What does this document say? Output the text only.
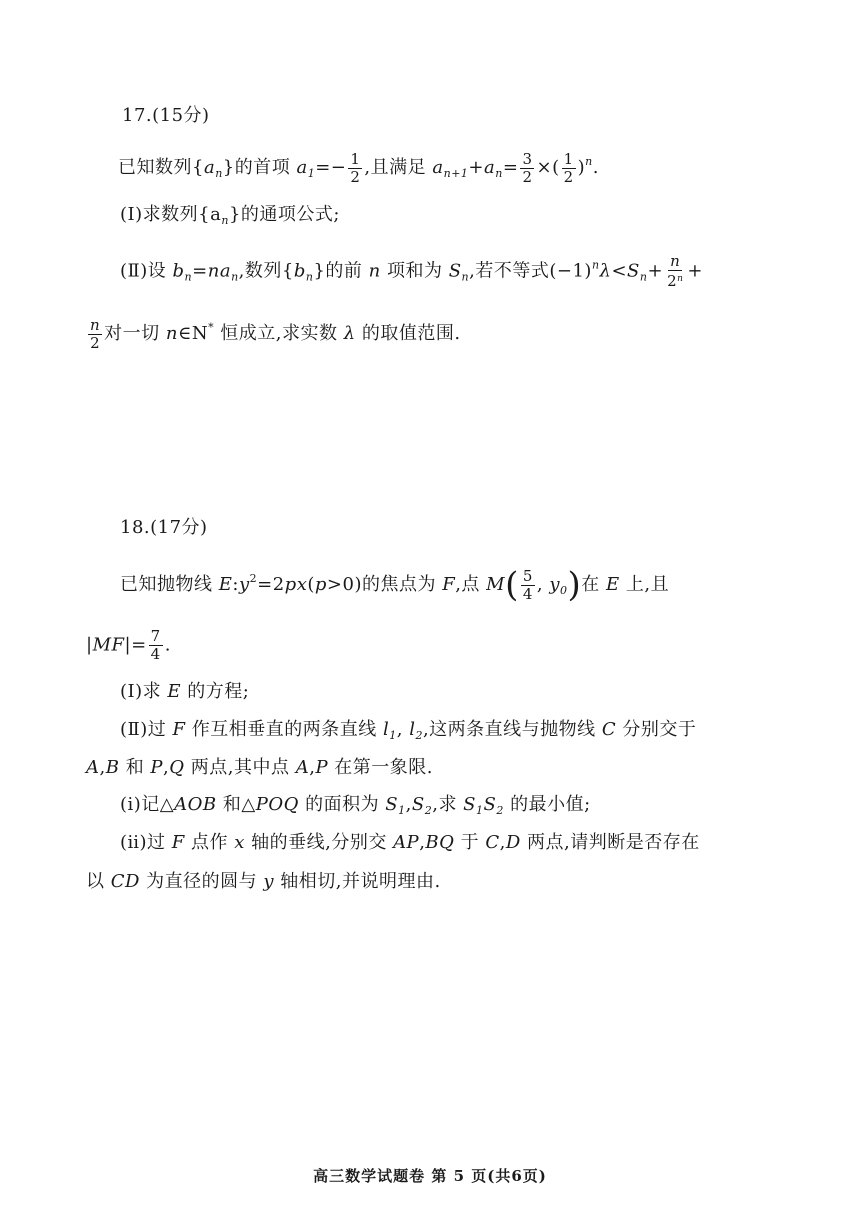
17.(15分)
已知数列$\{a_n\}$的首项 $a_1=- \frac{1}{2}$ ,且满足 $a_{n+1}+a_n= \frac{3}{2}$ ×( $\frac{1}{2} )^n$.
(Ⅰ)求数列$\{a_n\}$的通项公式;
(Ⅱ)设 $b_n=na_n$,数列$\{b_n\}$的前 n 项和为 $S_n$,若不等式$(-1)^n\lambda<S_n+ \frac{n}{2^n}$ +
$\frac{n}{2}$ 对一切 n∈N* 恒成立,求实数 λ 的取值范围.
18.(17分)
已知抛物线 $E:y^2=2px(p>0)$的焦点为 F,点 $M( \frac{5}{4}$ , $y_0$)在 E 上,且
$|MF|= \frac{7}{4}$ .
(Ⅰ)求 E 的方程;
(Ⅱ)过 F 作互相垂直的两条直线 $l_1$, $l_2$,这两条直线与抛物线 C 分别交于
A,B 和 P,Q 两点,其中点 A,P 在第一象限.
(ⅰ)记△AOB 和△POQ 的面积为 $S_1,S_2$,求 $S_1S_2$ 的最小值;
(ⅱ)过 F 点作 x 轴的垂线,分别交 AP,BQ 于 C,D 两点,请判断是否存在
以 CD 为直径的圆与 y 轴相切,并说明理由.
高三数学试题卷 第 5 页(共6页)
